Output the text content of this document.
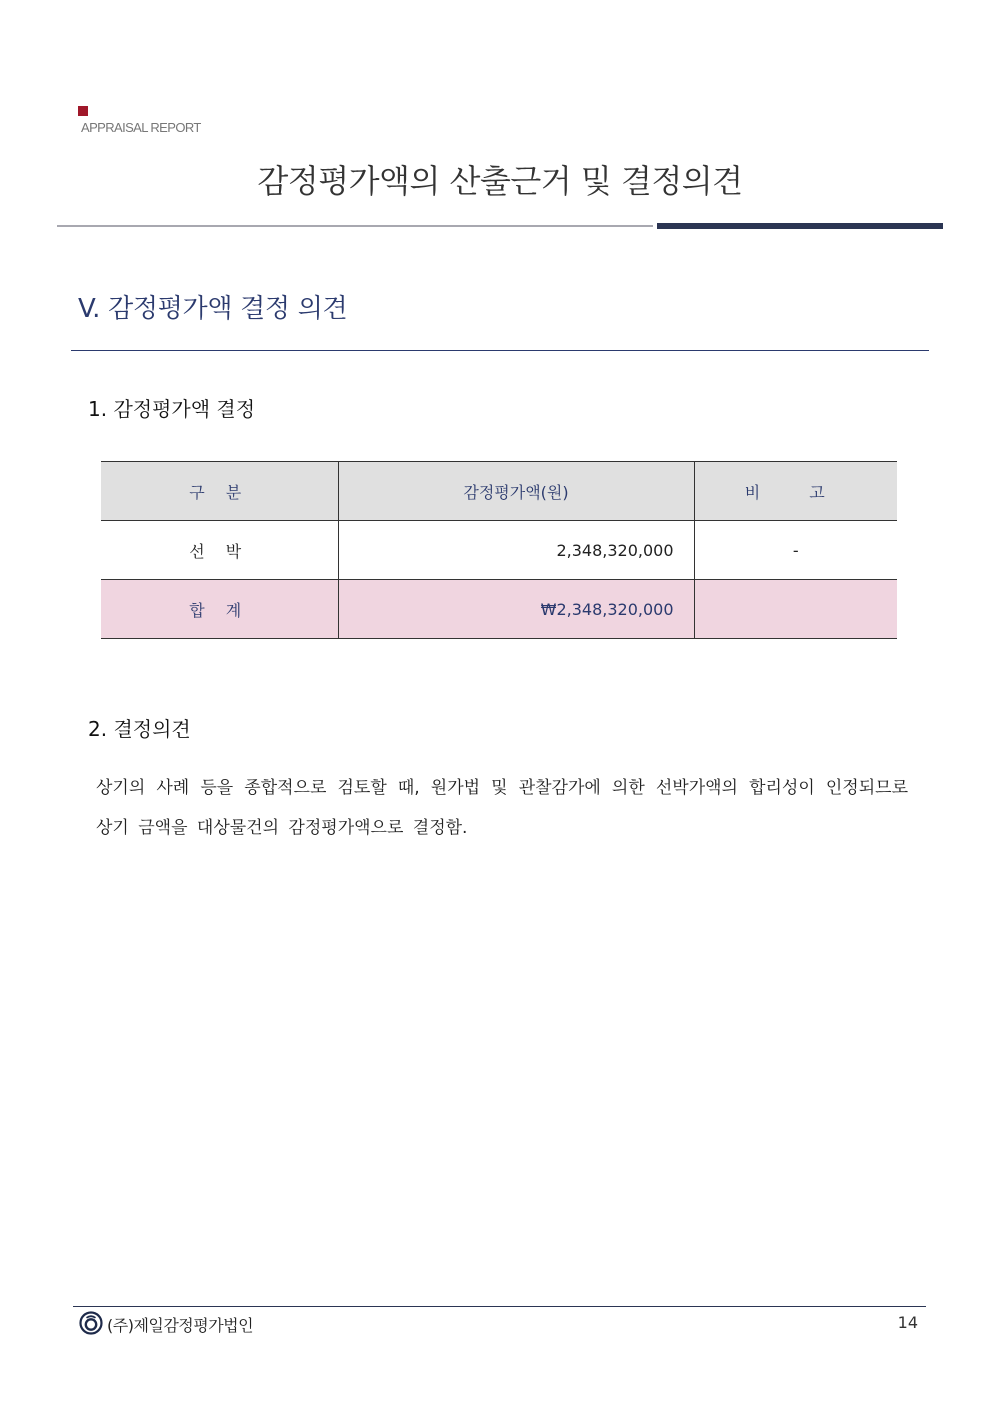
APPRAISAL REPORT
감정평가액의 산출근거 및 결정의견
V. 감정평가액 결정 의견
1. 감정평가액 결정
구 분	감정평가액(원)	비 고
선 박	2,348,320,000	-
합 계	₩2,348,320,000	
2. 결정의견
상기의 사례 등을 종합적으로 검토할 때, 원가법 및 관찰감가에 의한 선박가액의 합리성이 인정되므로 상기 금액을 대상물건의 감정평가액으로 결정함.
(주)제일감정평가법인	14
